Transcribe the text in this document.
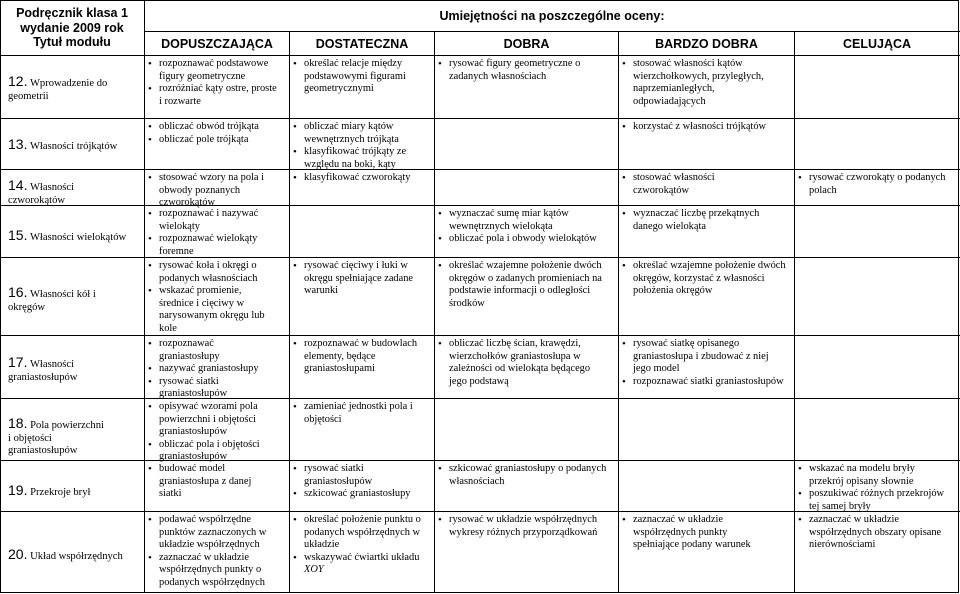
Podręcznik klasa 1
wydanie 2009 rok
Tytuł modułu
Umiejętności na poszczególne oceny:
DOPUSZCZAJĄCA	DOSTATECZNA	DOBRA	BARDZO DOBRA	CELUJĄCA
12. Wprowadzenie do geometrii
13. Własności trójkątów
14. Własności czworokątów
15. Własności wielokątów
16. Własności kół i okręgów
17. Własności graniastosłupów
18. Pola powierzchni i objętości graniastosłupów
19. Przekroje brył
20. Układ współrzędnych
• rozpoznawać podstawowe figury geometryczne
• rozróżniać kąty ostre, proste i rozwarte
• określać relacje między podstawowymi figurami geometrycznymi
• rysować figury geometryczne o zadanych własnościach
• stosować własności kątów wierzchołkowych, przyległych, naprzemianległych, odpowiadających
• obliczać obwód trójkąta
• obliczać pole trójkąta
• obliczać miary kątów wewnętrznych trójkąta
• klasyfikować trójkąty ze względu na boki, kąty
• korzystać z własności trójkątów
• stosować wzory na pola i obwody poznanych czworokątów
• klasyfikować czworokąty
•	stosować własności czworokątów
• rysować czworokąty o podanych polach
• rozpoznawać i nazywać wielokąty
• rozpoznawać wielokąty foremne
• wyznaczać sumę miar kątów wewnętrznych wielokąta
• obliczać pola i obwody wielokątów
• wyznaczać liczbę przekątnych danego wielokąta
• rysować koła i okręgi o podanych własnościach
• wskazać promienie, średnice i cięciwy w narysowanym okręgu lub kole
• rysować cięciwy i łuki w okręgu spełniające zadane warunki
• określać wzajemne położenie dwóch okręgów o zadanych promieniach na podstawie informacji o odległości środków
• określać wzajemne położenie dwóch okręgów, korzystać z własności położenia okręgów
• rozpoznawać graniastosłupy
• nazywać graniastosłupy
• rysować siatki graniastosłupów
• rozpoznawać w budowlach elementy, będące graniastosłupami
• obliczać liczbę ścian, krawędzi, wierzchołków graniastosłupa w zależności od wielokąta będącego jego podstawą
• rysować siatkę opisanego graniastosłupa i zbudować z niej jego model
• rozpoznawać siatki graniastosłupów
• opisywać wzorami pola powierzchni i objętości graniastosłupów
• obliczać pola i objętości graniastosłupów
• zamieniać jednostki pola i objętości
• budować model graniastosłupa z danej siatki
• rysować siatki graniastosłupów
• szkicować graniastosłupy
• szkicować graniastosłupy o podanych własnościach
• wskazać na modelu bryły przekrój opisany słownie
• poszukiwać różnych przekrojów tej samej bryły
• podawać współrzędne punktów zaznaczonych w układzie współrzędnych
• zaznaczać w układzie współrzędnych punkty o podanych współrzędnych
• określać położenie punktu o podanych współrzędnych w układzie
• wskazywać ćwiartki układu XOY
• rysować w układzie współrzędnych wykresy różnych przyporządkowań
• zaznaczać w układzie współrzędnych punkty spełniające podany warunek
• zaznaczać w układzie współrzędnych obszary opisane nierównościami
